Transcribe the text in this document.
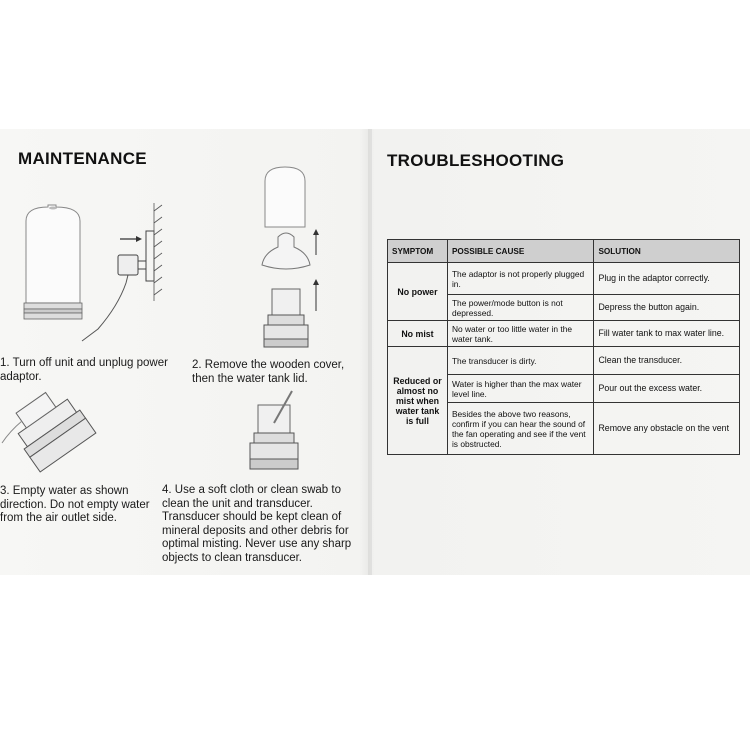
MAINTENANCE
1. Turn off unit and unplug power adaptor.
2. Remove the wooden cover, then the water tank lid.
3. Empty water as shown direction. Do not empty water from the air outlet side.
4. Use a soft cloth or clean swab to clean the unit and transducer. Transducer should be kept clean of mineral deposits and other debris for optimal misting. Never use any sharp objects to clean transducer.
TROUBLESHOOTING
SYMPTOM	POSSIBLE CAUSE	SOLUTION
No power	The adaptor is not properly plugged in.	Plug in the adaptor correctly.
	The power/mode button is not depressed.	Depress the button again.
No mist	No water or too little water in the water tank.	Fill water tank to max water line.
Reduced or almost no mist when water tank is full	The transducer is dirty.	Clean the transducer.
	Water is higher than the max water level line.	Pour out the excess water.
	Besides the above two reasons, confirm if you can hear the sound of the fan operating and see if the vent is obstructed.	Remove any obstacle on the vent
